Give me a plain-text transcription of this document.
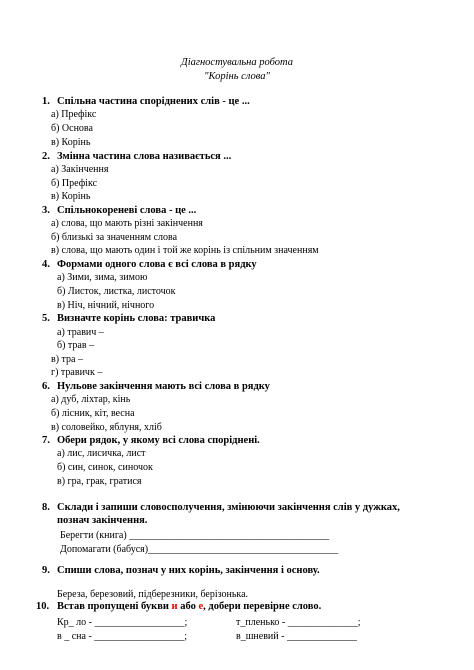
Діагностувальна робота
"Корінь слова"
1. Спільна частина споріднених слів - це ...
а) Префікс
б) Основа
в) Корінь
2. Змінна частина слова називається ...
а) Закінчення
б) Префікс
в) Корінь
3. Спільнокореневі слова - це ...
а) слова, що мають різні закінчення
б) близькі за значенням слова
в) слова, що мають один і той же корінь із спільним значенням
4. Формами одного слова є всі слова в рядку
а) Зими, зима, зимою
б) Листок, листка, листочок
в) Ніч, нічний, нічного
5. Визначте корінь слова: травичка
а) травич –
б) трав –
в) тра –
г) травичк –
6. Нульове закінчення мають всі слова в рядку
а) дуб, ліхтар, кінь
б) лісник, кіт, весна
в) соловейко, яблуня, хліб
7. Обери рядок, у якому всі слова споріднені.
а) лис, лисичка, лист
б) син, синок, синочок
в) гра, грак, гратися
8. Склади і запиши словосполучення, змінюючи закінчення слів у дужках,
познач закінчення.
Берегти (книга) ________________________________________
Допомагати (бабуся)______________________________________
9. Спиши слова, познач у них корінь, закінчення і основу.
Береза, березовий, підберезники, берізонька.
10. Встав пропущені букви и або е, добери перевірне слово.
Кр_ ло - __________________;	т_пленько - ______________;
в _ сна - __________________;	в_шневий - ______________
